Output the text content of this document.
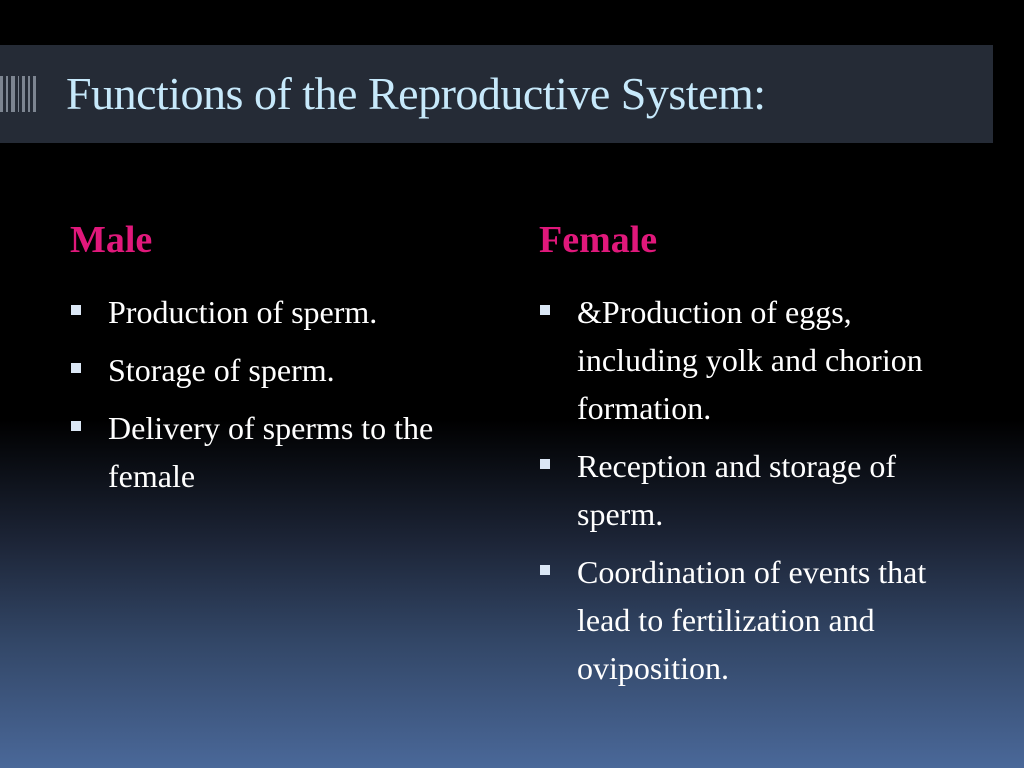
Functions of the Reproductive System:
Male
Production of sperm.
Storage of sperm.
Delivery of sperms to the female
Female
&Production of eggs, including yolk and chorion formation.
Reception and storage of sperm.
Coordination of events that lead to fertilization and oviposition.
